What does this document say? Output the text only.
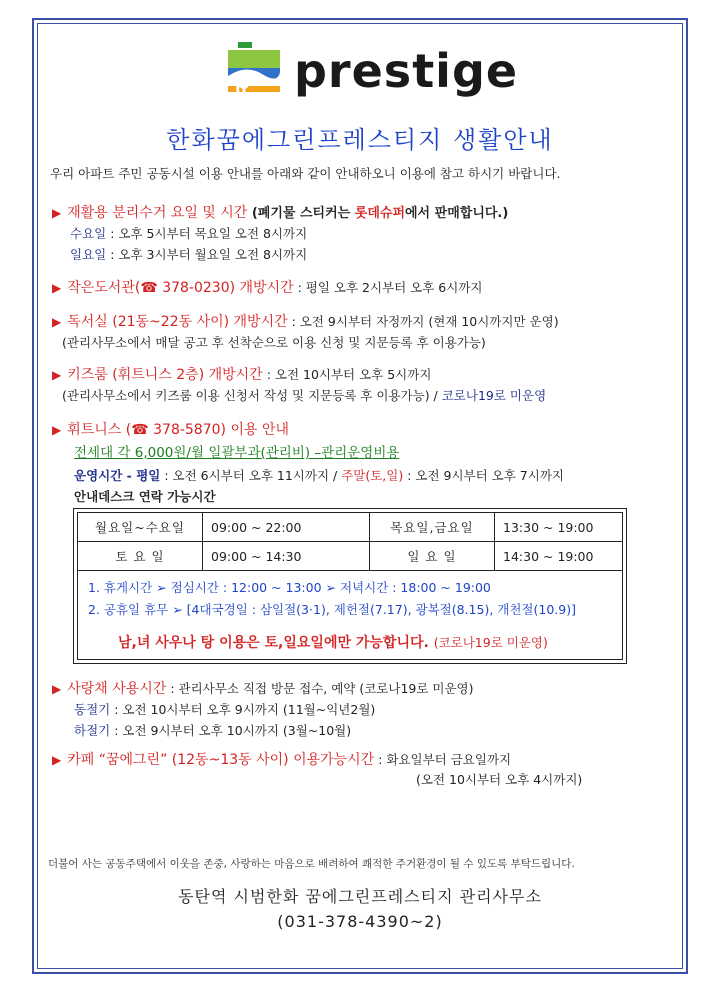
prestige
한화꿈에그린프레스티지 생활안내
우리 아파트 주민 공동시설 이용 안내를 아래와 같이 안내하오니 이용에 참고 하시기 바랍니다.
▶ 재활용 분리수거 요일 및 시간 (폐기물 스티커는 롯데슈퍼에서 판매합니다.)
수요일 : 오후 5시부터 목요일 오전 8시까지
일요일 : 오후 3시부터 월요일 오전 8시까지
▶ 작은도서관(☎ 378-0230) 개방시간 : 평일 오후 2시부터 오후 6시까지
▶ 독서실 (21동~22동 사이) 개방시간 : 오전 9시부터 자정까지 (현재 10시까지만 운영)
(관리사무소에서 매달 공고 후 선착순으로 이용 신청 및 지문등록 후 이용가능)
▶ 키즈룸 (휘트니스 2층) 개방시간 : 오전 10시부터 오후 5시까지
(관리사무소에서 키즈룸 이용 신청서 작성 및 지문등록 후 이용가능) / 코로나19로 미운영
▶ 휘트니스 (☎ 378-5870) 이용 안내
전세대 각 6,000원/월 일괄부과(관리비) –관리운영비용
운영시간 - 평일 : 오전 6시부터 오후 11시까지 / 주말(토,일) : 오전 9시부터 오후 7시까지
안내데스크 연락 가능시간
월요일~수요일	09:00 ~ 22:00	목요일,금요일	13:30 ~ 19:00
토 요 일	09:00 ~ 14:30	일 요 일	14:30 ~ 19:00
1. 휴게시간 ➢ 점심시간 : 12:00 ~ 13:00 ➢ 저녁시간 : 18:00 ~ 19:00
2. 공휴일 휴무 ➢ [4대국경일 : 삼일절(3·1), 제헌절(7.17), 광복절(8.15), 개천절(10.9)]
남,녀 사우나 탕 이용은 토,일요일에만 가능합니다. (코로나19로 미운영)
▶ 사랑채 사용시간 : 관리사무소 직접 방문 접수, 예약 (코로나19로 미운영)
동절기 : 오전 10시부터 오후 9시까지 (11월~익년2월)
하절기 : 오전 9시부터 오후 10시까지 (3월~10월)
▶ 카페 “꿈에그린” (12동~13동 사이) 이용가능시간 : 화요일부터 금요일까지
(오전 10시부터 오후 4시까지)
더불어 사는 공동주택에서 이웃을 존중, 사랑하는 마음으로 배려하여 쾌적한 주거환경이 될 수 있도록 부탁드립니다.
동탄역 시범한화 꿈에그린프레스티지 관리사무소
(031-378-4390~2)
